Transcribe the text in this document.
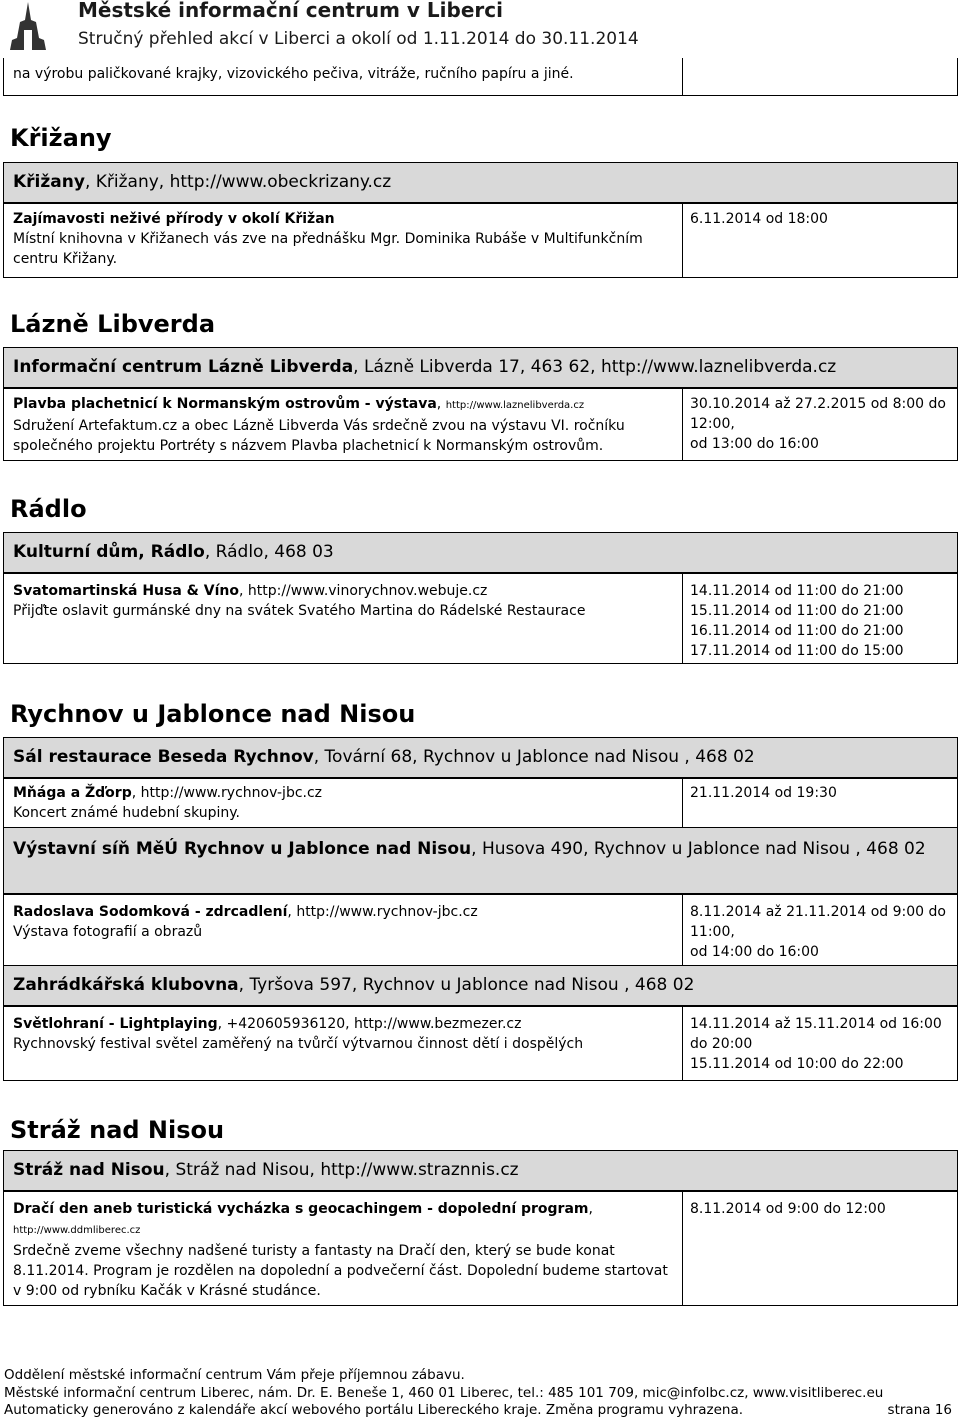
Městské informační centrum v Liberci
Stručný přehled akcí v Liberci a okolí od 1.11.2014 do 30.11.2014
na výrobu paličkované krajky, vizovického pečiva, vitráže, ručního papíru a jiné.
Křižany
Křižany, Křižany, http://www.obeckrizany.cz
Zajímavosti neživé přírody v okolí Křižan
Místní knihovna v Křižanech vás zve na přednášku Mgr. Dominika Rubáše v Multifunkčním centru Křižany.
6.11.2014 od 18:00
Lázně Libverda
Informační centrum Lázně Libverda, Lázně Libverda 17, 463 62, http://www.laznelibverda.cz
Plavba plachetnicí k Normanským ostrovům - výstava, http://www.laznelibverda.cz
Sdružení Artefaktum.cz a obec Lázně Libverda Vás srdečně zvou na výstavu VI. ročníku společného projektu Portréty s názvem Plavba plachetnicí k Normanským ostrovům.
30.10.2014 až 27.2.2015 od 8:00 do 12:00,
od 13:00 do 16:00
Rádlo
Kulturní dům, Rádlo, Rádlo, 468 03
Svatomartinská Husa & Víno, http://www.vinorychnov.webuje.cz
Přijďte oslavit gurmánské dny na svátek Svatého Martina do Rádelské Restaurace
14.11.2014 od 11:00 do 21:00
15.11.2014 od 11:00 do 21:00
16.11.2014 od 11:00 do 21:00
17.11.2014 od 11:00 do 15:00
Rychnov u Jablonce nad Nisou
Sál restaurace Beseda Rychnov, Tovární 68, Rychnov u Jablonce nad Nisou , 468 02
Mňága a Žďorp, http://www.rychnov-jbc.cz
Koncert známé hudební skupiny.
21.11.2014 od 19:30
Výstavní síň MěÚ Rychnov u Jablonce nad Nisou, Husova 490, Rychnov u Jablonce nad Nisou , 468 02
Radoslava Sodomková - zdrcadlení, http://www.rychnov-jbc.cz
Výstava fotografií a obrazů
8.11.2014 až 21.11.2014 od 9:00 do 11:00,
od 14:00 do 16:00
Zahrádkářská klubovna, Tyršova 597, Rychnov u Jablonce nad Nisou , 468 02
Světlohraní - Lightplaying, +420605936120, http://www.bezmezer.cz
Rychnovský festival světel zaměřený na tvůrčí výtvarnou činnost dětí i dospělých
14.11.2014 až 15.11.2014 od 16:00 do 20:00
15.11.2014 od 10:00 do 22:00
Stráž nad Nisou
Stráž nad Nisou, Stráž nad Nisou, http://www.straznnis.cz
Dračí den aneb turistická vycházka s geocachingem - dopolední program,
http://www.ddmliberec.cz
Srdečně zveme všechny nadšené turisty a fantasty na Dračí den, který se bude konat 8.11.2014. Program je rozdělen na dopolední a podvečerní část. Dopolední budeme startovat v 9:00 od rybníku Kačák v Krásné studánce.
8.11.2014 od 9:00 do 12:00
Oddělení městské informační centrum Vám přeje příjemnou zábavu.
Městské informační centrum Liberec, nám. Dr. E. Beneše 1, 460 01 Liberec, tel.: 485 101 709, mic@infolbc.cz, www.visitliberec.eu
Automaticky generováno z kalendáře akcí webového portálu Libereckého kraje. Změna programu vyhrazena.	strana 16
